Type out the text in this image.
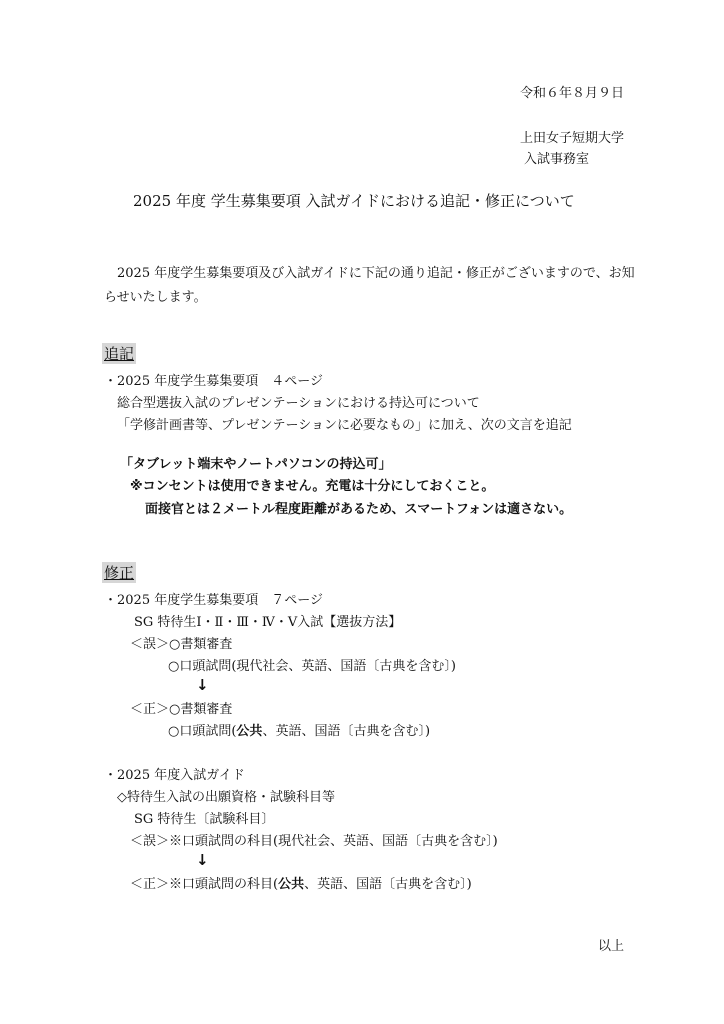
令和６年８月９日
上田女子短期大学
入試事務室
2025 年度 学生募集要項 入試ガイドにおける追記・修正について
2025 年度学生募集要項及び入試ガイドに下記の通り追記・修正がございますので、お知
らせいたします。
追記
・2025 年度学生募集要項　４ページ
総合型選抜入試のプレゼンテーションにおける持込可について
「学修計画書等、プレゼンテーションに必要なもの」に加え、次の文言を追記
「タブレット端末やノートパソコンの持込可」
※コンセントは使用できません。充電は十分にしておくこと。
面接官とは２メートル程度距離があるため、スマートフォンは適さない。
修正
・2025 年度学生募集要項　７ページ
SG 特待生Ⅰ・Ⅱ・Ⅲ・Ⅳ・Ⅴ入試【選抜方法】
＜誤＞○書類審査
○口頭試問(現代社会、英語、国語〔古典を含む〕)
↓
＜正＞○書類審査
○口頭試問(公共、英語、国語〔古典を含む〕)
・2025 年度入試ガイド
◇特待生入試の出願資格・試験科目等
SG 特待生〔試験科目〕
＜誤＞※口頭試問の科目(現代社会、英語、国語〔古典を含む〕)
↓
＜正＞※口頭試問の科目(公共、英語、国語〔古典を含む〕)
以上
